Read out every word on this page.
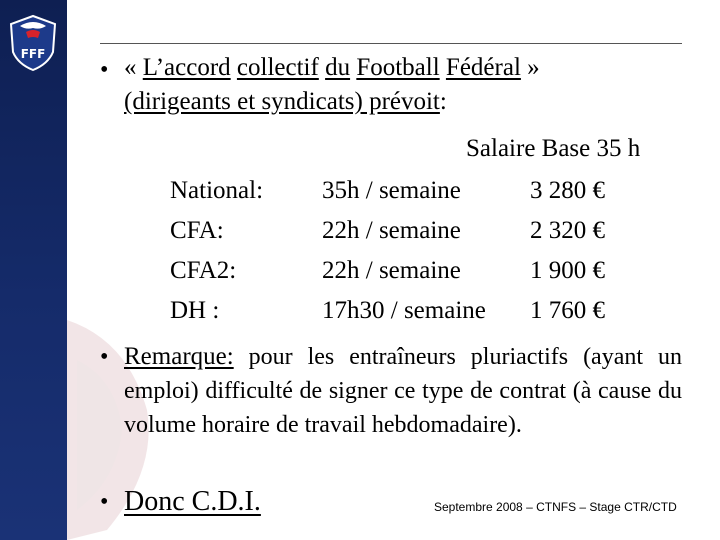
FFF
• « L’accord collectif du Football Fédéral »
(dirigeants et syndicats) prévoit:
Salaire Base 35 h
National: 35h / semaine	3 280 €
CFA:	22h / semaine	2 320 €
CFA2:	22h / semaine	1 900 €
DH :	17h30 / semaine 1 760 €
• Remarque: pour les entraîneurs pluriactifs (ayant un emploi) difficulté de signer ce type de contrat (à cause du volume horaire de travail hebdomadaire).
• Donc C.D.I.	Septembre 2008 – CTNFS – Stage CTR/CTD
